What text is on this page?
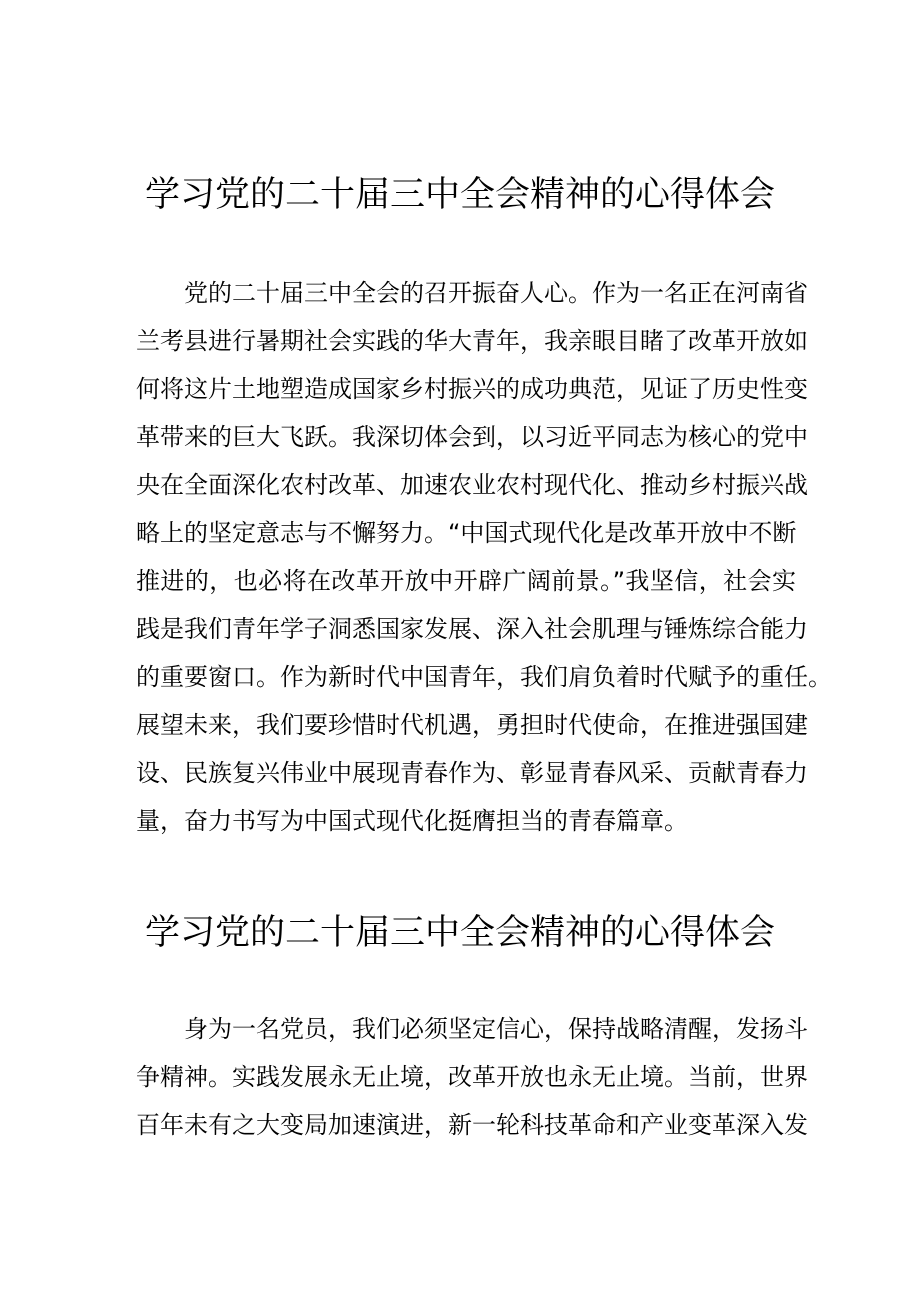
学习党的二十届三中全会精神的心得体会
党的二十届三中全会的召开振奋人心。作为一名正在河南省
兰考县进行暑期社会实践的华大青年，我亲眼目睹了改革开放如
何将这片土地塑造成国家乡村振兴的成功典范，见证了历史性变
革带来的巨大飞跃。我深切体会到，以习近平同志为核心的党中
央在全面深化农村改革、加速农业农村现代化、推动乡村振兴战
略上的坚定意志与不懈努力。“中国式现代化是改革开放中不断
推进的，也必将在改革开放中开辟广阔前景。”我坚信，社会实
践是我们青年学子洞悉国家发展、深入社会肌理与锤炼综合能力
的重要窗口。作为新时代中国青年，我们肩负着时代赋予的重任。
展望未来，我们要珍惜时代机遇，勇担时代使命，在推进强国建
设、民族复兴伟业中展现青春作为、彰显青春风采、贡献青春力
量，奋力书写为中国式现代化挺膺担当的青春篇章。
学习党的二十届三中全会精神的心得体会
身为一名党员，我们必须坚定信心，保持战略清醒，发扬斗
争精神。实践发展永无止境，改革开放也永无止境。当前，世界
百年未有之大变局加速演进，新一轮科技革命和产业变革深入发
